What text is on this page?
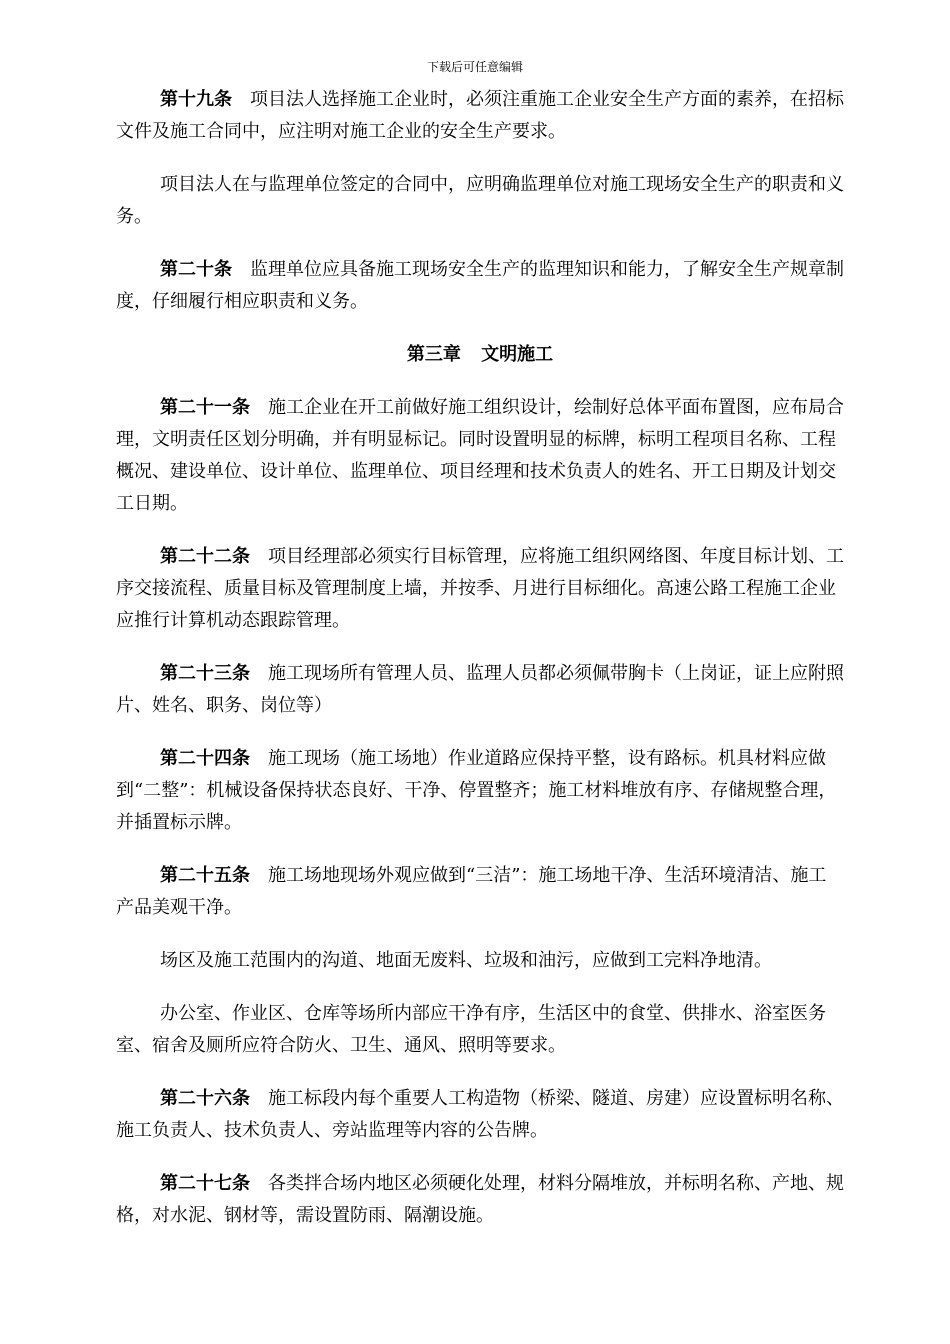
下载后可任意编辑

第十九条 项目法人选择施工企业时，必须注重施工企业安全生产方面的素养，在招标文件及施工合同中，应注明对施工企业的安全生产要求。

项目法人在与监理单位签定的合同中，应明确监理单位对施工现场安全生产的职责和义务。

第二十条 监理单位应具备施工现场安全生产的监理知识和能力，了解安全生产规章制度，仔细履行相应职责和义务。

第三章 文明施工

第二十一条 施工企业在开工前做好施工组织设计，绘制好总体平面布置图，应布局合理，文明责任区划分明确，并有明显标记。同时设置明显的标牌，标明工程项目名称、工程概况、建设单位、设计单位、监理单位、项目经理和技术负责人的姓名、开工日期及计划交工日期。

第二十二条 项目经理部必须实行目标管理，应将施工组织网络图、年度目标计划、工序交接流程、质量目标及管理制度上墙，并按季、月进行目标细化。高速公路工程施工企业应推行计算机动态跟踪管理。

第二十三条 施工现场所有管理人员、监理人员都必须佩带胸卡（上岗证，证上应附照片、姓名、职务、岗位等）

第二十四条 施工现场（施工场地）作业道路应保持平整，设有路标。机具材料应做到“二整”：机械设备保持状态良好、干净、停置整齐；施工材料堆放有序、存储规整合理，并插置标示牌。

第二十五条 施工场地现场外观应做到“三洁”：施工场地干净、生活环境清洁、施工产品美观干净。

场区及施工范围内的沟道、地面无废料、垃圾和油污，应做到工完料净地清。

办公室、作业区、仓库等场所内部应干净有序，生活区中的食堂、供排水、浴室医务室、宿舍及厕所应符合防火、卫生、通风、照明等要求。

第二十六条 施工标段内每个重要人工构造物（桥梁、隧道、房建）应设置标明名称、施工负责人、技术负责人、旁站监理等内容的公告牌。

第二十七条 各类拌合场内地区必须硬化处理，材料分隔堆放，并标明名称、产地、规格，对水泥、钢材等，需设置防雨、隔潮设施。
